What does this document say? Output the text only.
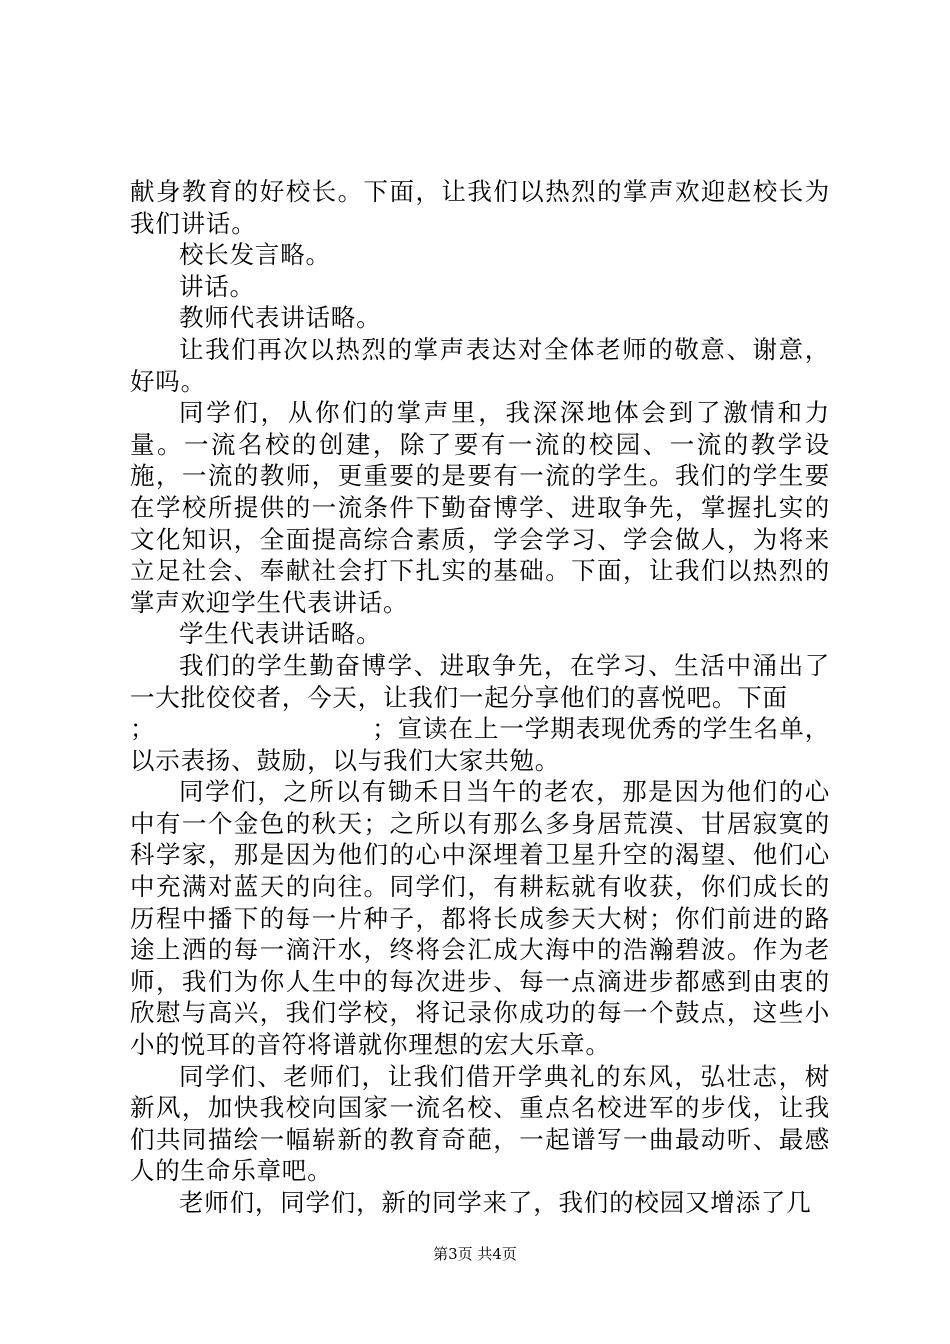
献身教育的好校长。下面，让我们以热烈的掌声欢迎赵校长为我们讲话。

校长发言略。

讲话。

教师代表讲话略。

让我们再次以热烈的掌声表达对全体老师的敬意、谢意，好吗。

同学们，从你们的掌声里，我深深地体会到了激情和力量。一流名校的创建，除了要有一流的校园、一流的教学设施，一流的教师，更重要的是要有一流的学生。我们的学生要在学校所提供的一流条件下勤奋博学、进取争先，掌握扎实的文化知识，全面提高综合素质，学会学习、学会做人，为将来立足社会、奉献社会打下扎实的基础。下面，让我们以热烈的掌声欢迎学生代表讲话。

学生代表讲话略。

我们的学生勤奋博学、进取争先，在学习、生活中涌出了一大批佼佼者，今天，让我们一起分享他们的喜悦吧。下面

；　　　　　　　　　；宣读在上一学期表现优秀的学生名单，以示表扬、鼓励，以与我们大家共勉。

同学们，之所以有锄禾日当午的老农，那是因为他们的心中有一个金色的秋天；之所以有那么多身居荒漠、甘居寂寞的科学家，那是因为他们的心中深埋着卫星升空的渴望、他们心中充满对蓝天的向往。同学们，有耕耘就有收获，你们成长的历程中播下的每一片种子，都将长成参天大树；你们前进的路途上洒的每一滴汗水，终将会汇成大海中的浩瀚碧波。作为老师，我们为你人生中的每次进步、每一点滴进步都感到由衷的欣慰与高兴，我们学校，将记录你成功的每一个鼓点，这些小小的悦耳的音符将谱就你理想的宏大乐章。

同学们、老师们，让我们借开学典礼的东风，弘壮志，树新风，加快我校向国家一流名校、重点名校进军的步伐，让我们共同描绘一幅崭新的教育奇葩，一起谱写一曲最动听、最感人的生命乐章吧。

老师们，同学们，新的同学来了，我们的校园又增添了几

第3页 共4页
